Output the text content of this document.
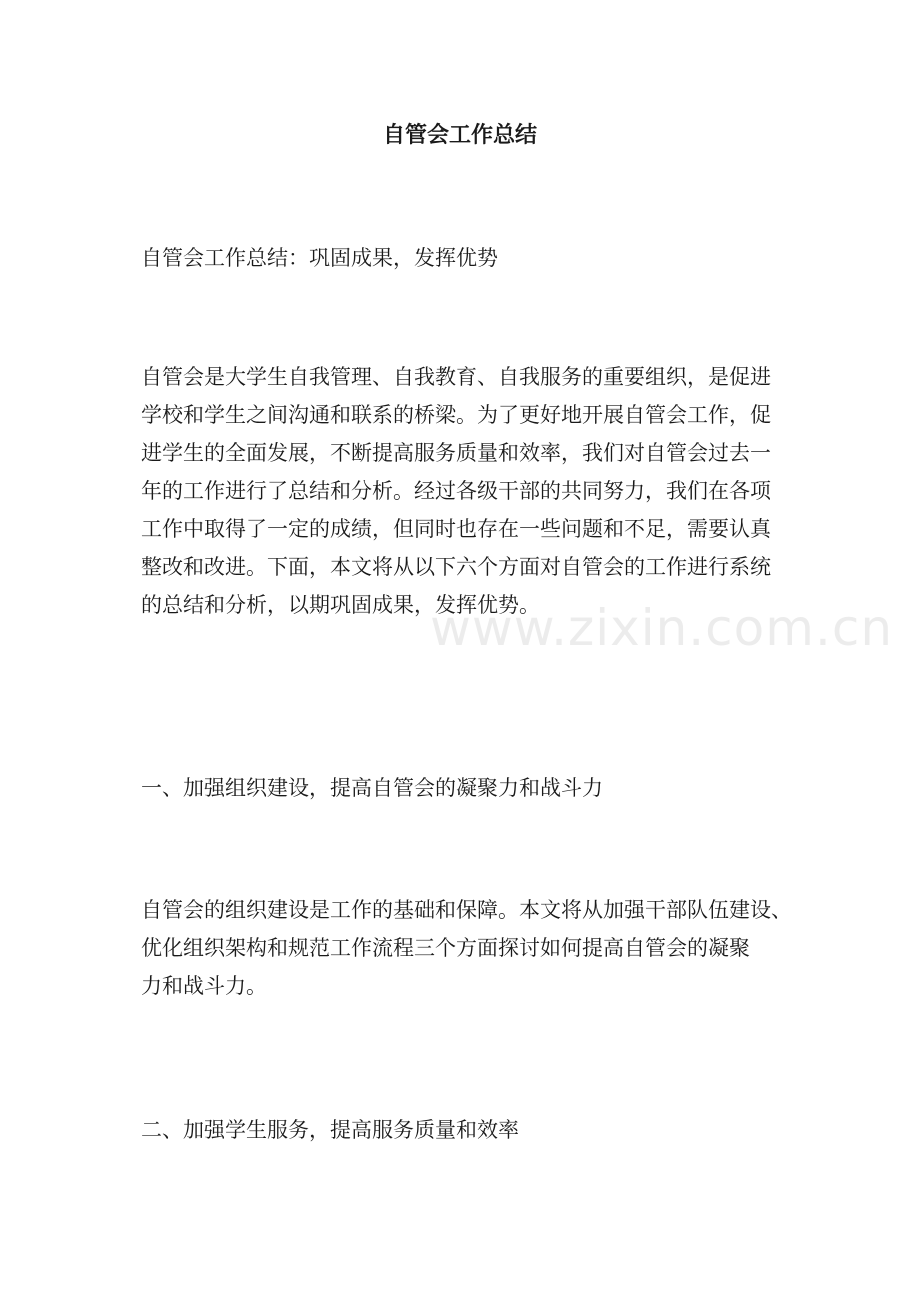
自管会工作总结

自管会工作总结：巩固成果，发挥优势

自管会是大学生自我管理、自我教育、自我服务的重要组织，是促进
学校和学生之间沟通和联系的桥梁。为了更好地开展自管会工作，促
进学生的全面发展，不断提高服务质量和效率，我们对自管会过去一
年的工作进行了总结和分析。经过各级干部的共同努力，我们在各项
工作中取得了一定的成绩，但同时也存在一些问题和不足，需要认真
整改和改进。下面，本文将从以下六个方面对自管会的工作进行系统
的总结和分析，以期巩固成果，发挥优势。

一、加强组织建设，提高自管会的凝聚力和战斗力

自管会的组织建设是工作的基础和保障。本文将从加强干部队伍建设、
优化组织架构和规范工作流程三个方面探讨如何提高自管会的凝聚
力和战斗力。

二、加强学生服务，提高服务质量和效率

www.zixin.com.cn
